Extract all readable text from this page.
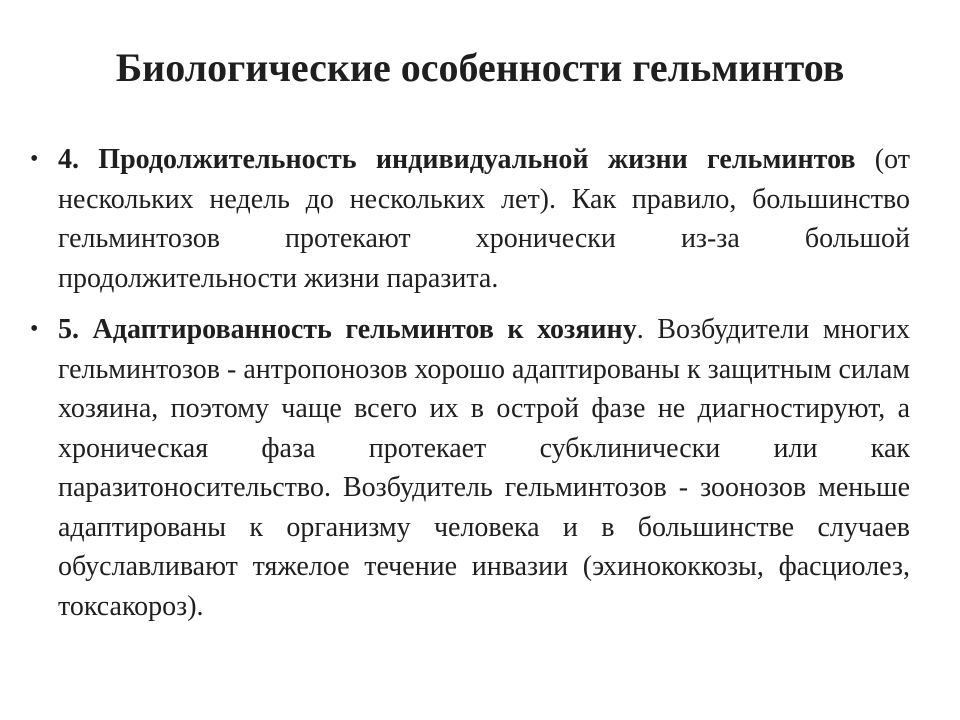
Биологические особенности гельминтов
• 4. Продолжительность индивидуальной жизни гельминтов (от нескольких недель до нескольких лет). Как правило, большинство гельминтозов протекают хронически из-за большой продолжительности жизни паразита.
• 5. Адаптированность гельминтов к хозяину. Возбудители многих гельминтозов - антропонозов хорошо адаптированы к защитным силам хозяина, поэтому чаще всего их в острой фазе не диагностируют, а хроническая фаза протекает субклинически или как паразитоносительство. Возбудитель гельминтозов - зоонозов меньше адаптированы к организму человека и в большинстве случаев обуславливают тяжелое течение инвазии (эхинококкозы, фасциолез, токсакороз).
